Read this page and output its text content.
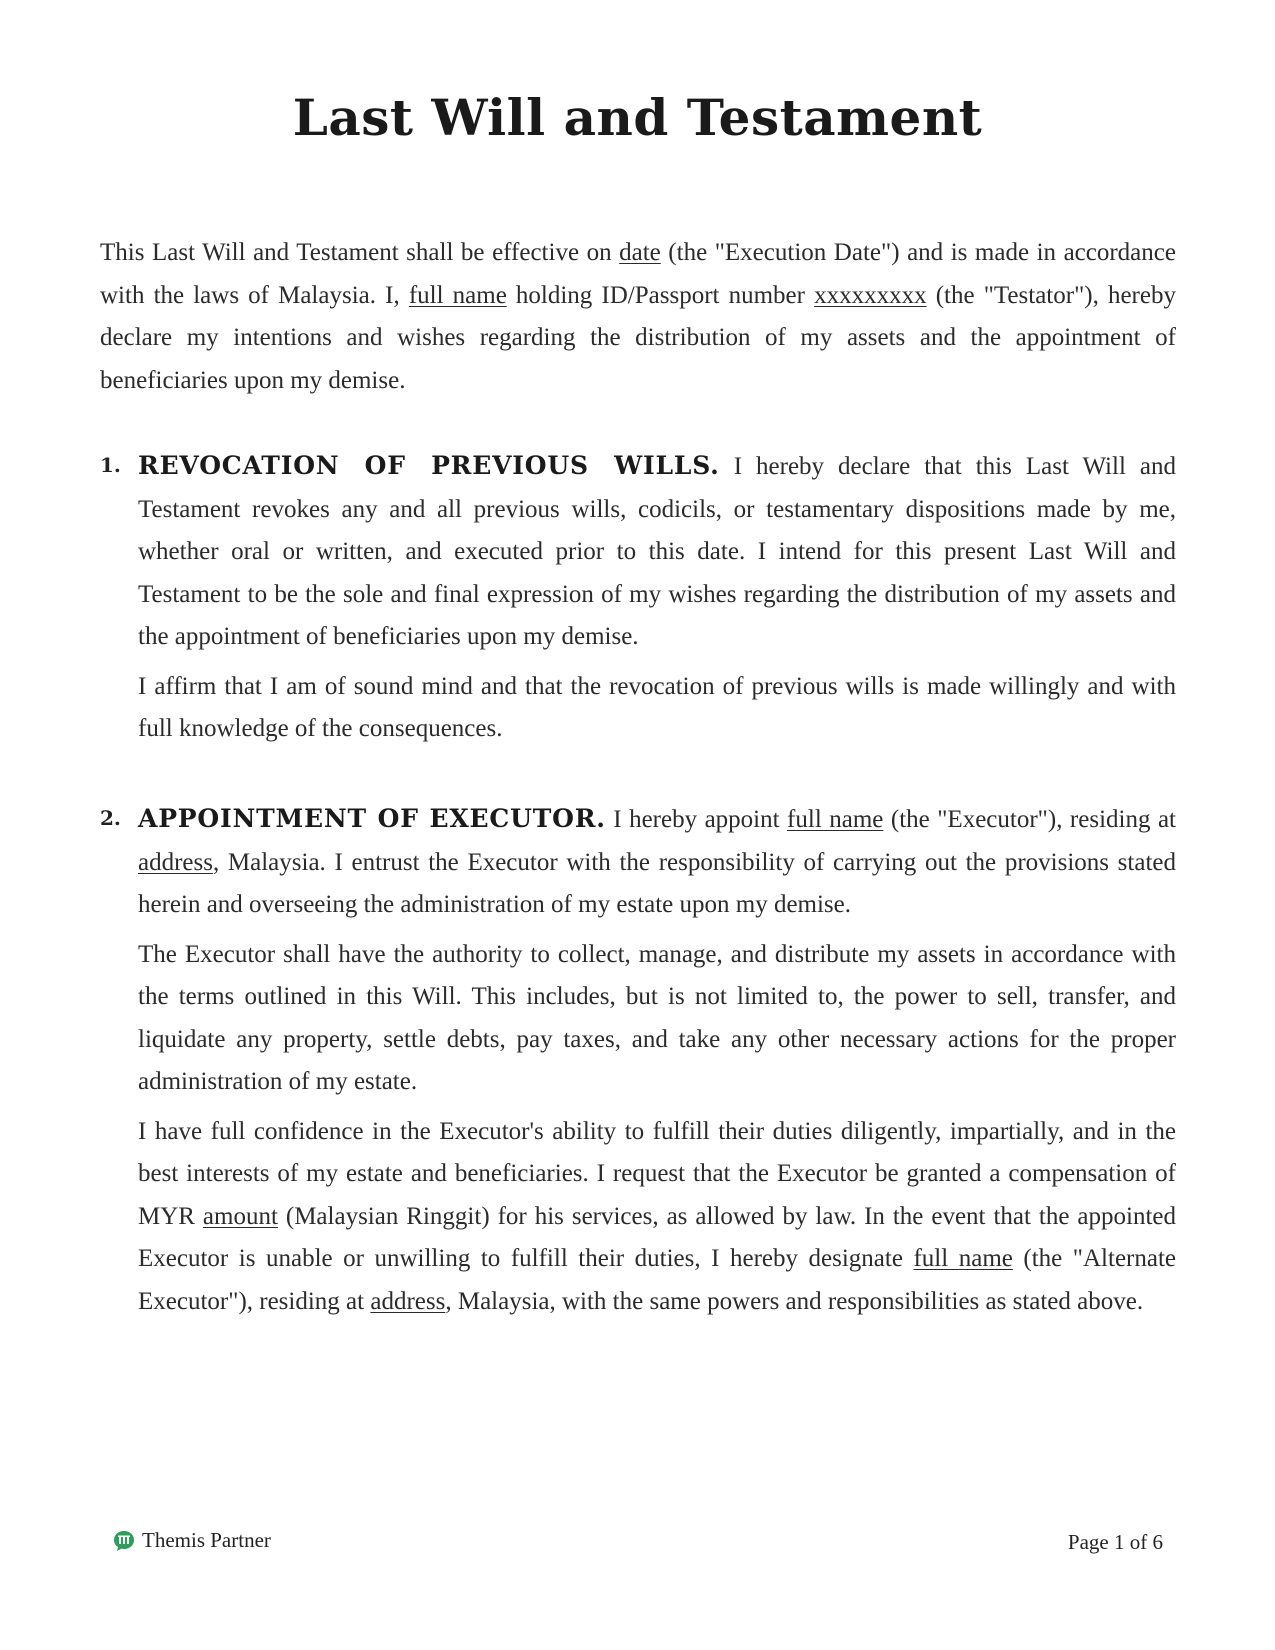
Last Will and Testament

This Last Will and Testament shall be effective on date (the "Execution Date") and is made in accordance with the laws of Malaysia. I, full name holding ID/Passport number xxxxxxxxx (the "Testator"), hereby declare my intentions and wishes regarding the distribution of my assets and the appointment of beneficiaries upon my demise.

1. REVOCATION OF PREVIOUS WILLS. I hereby declare that this Last Will and Testament revokes any and all previous wills, codicils, or testamentary dispositions made by me, whether oral or written, and executed prior to this date. I intend for this present Last Will and Testament to be the sole and final expression of my wishes regarding the distribution of my assets and the appointment of beneficiaries upon my demise.

I affirm that I am of sound mind and that the revocation of previous wills is made willingly and with full knowledge of the consequences.

2. APPOINTMENT OF EXECUTOR. I hereby appoint full name (the "Executor"), residing at address, Malaysia. I entrust the Executor with the responsibility of carrying out the provisions stated herein and overseeing the administration of my estate upon my demise.

The Executor shall have the authority to collect, manage, and distribute my assets in accordance with the terms outlined in this Will. This includes, but is not limited to, the power to sell, transfer, and liquidate any property, settle debts, pay taxes, and take any other necessary actions for the proper administration of my estate.

I have full confidence in the Executor's ability to fulfill their duties diligently, impartially, and in the best interests of my estate and beneficiaries. I request that the Executor be granted a compensation of MYR amount (Malaysian Ringgit) for his services, as allowed by law. In the event that the appointed Executor is unable or unwilling to fulfill their duties, I hereby designate full name (the "Alternate Executor"), residing at address, Malaysia, with the same powers and responsibilities as stated above.

Themis Partner	Page 1 of 6
